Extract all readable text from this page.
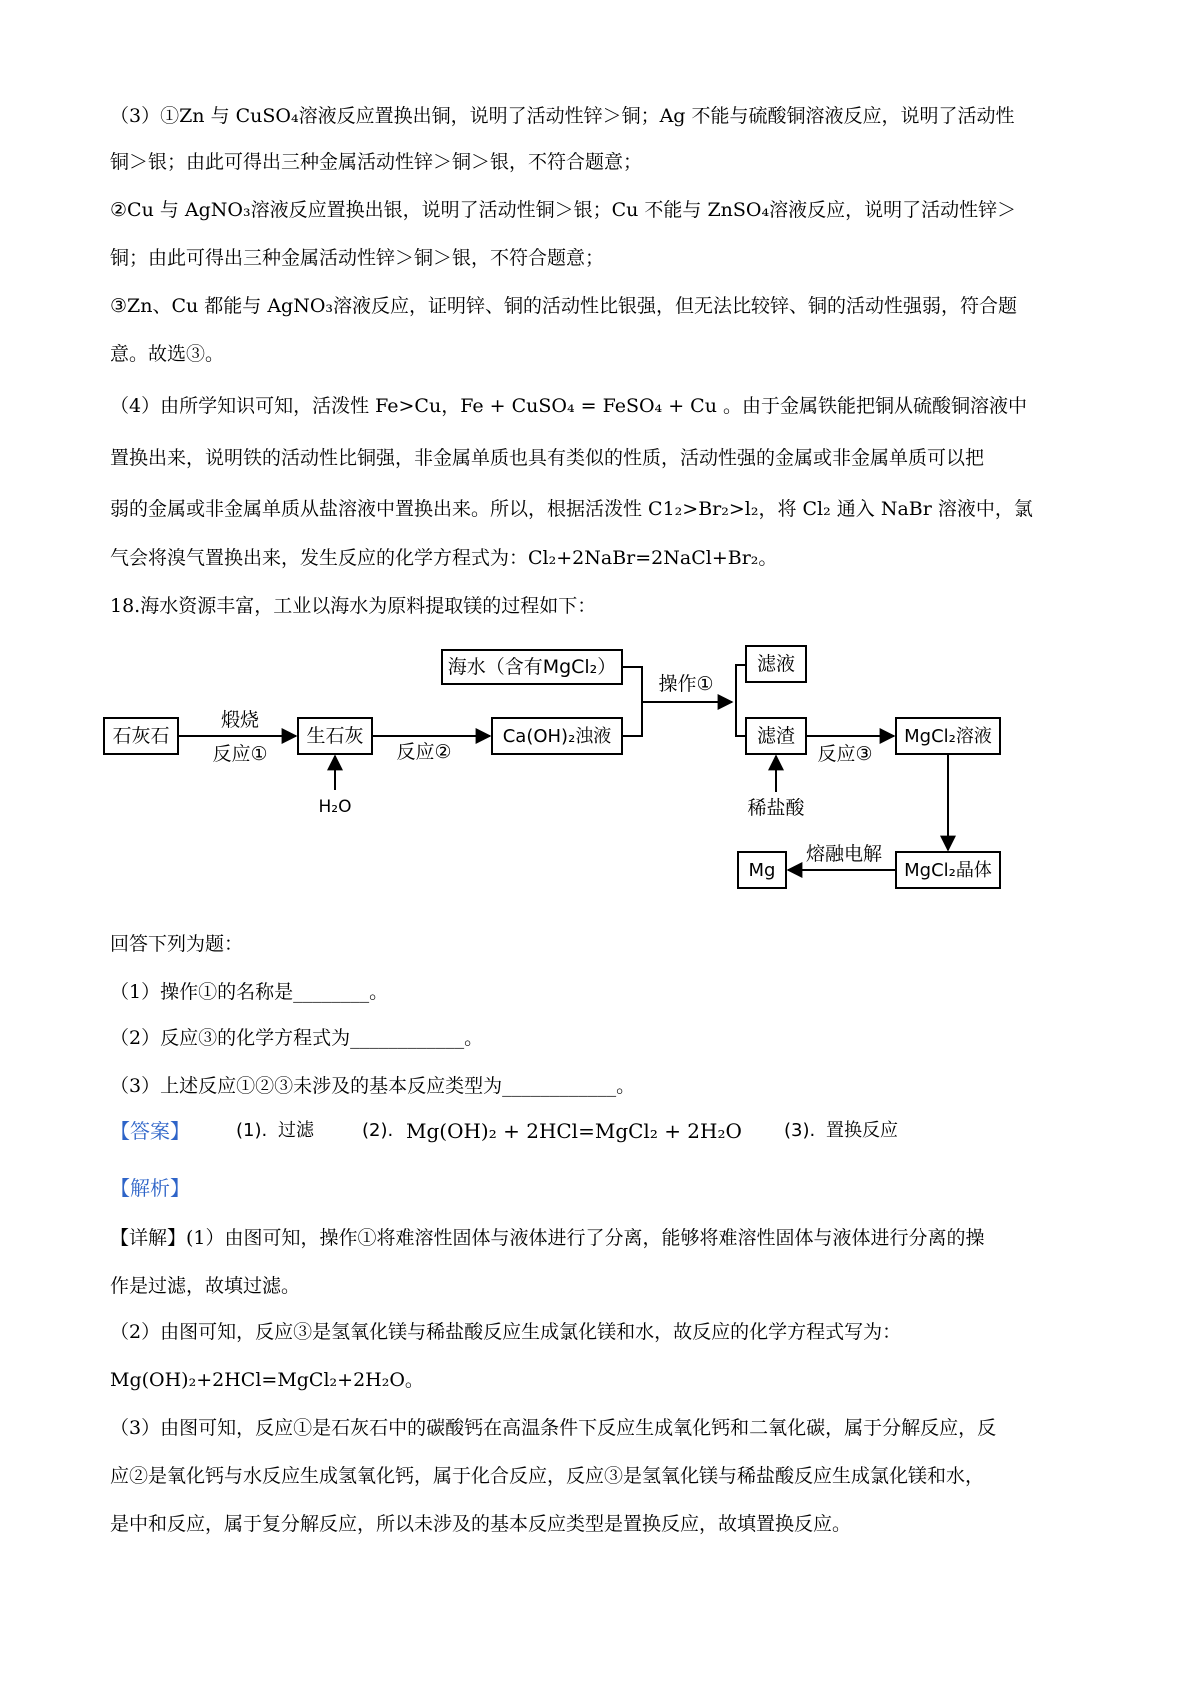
（3）①Zn 与 CuSO₄溶液反应置换出铜，说明了活动性锌＞铜；Ag 不能与硫酸铜溶液反应，说明了活动性
铜＞银；由此可得出三种金属活动性锌＞铜＞银，不符合题意；
②Cu 与 AgNO₃溶液反应置换出银，说明了活动性铜＞银；Cu 不能与 ZnSO₄溶液反应，说明了活动性锌＞
铜；由此可得出三种金属活动性锌＞铜＞银，不符合题意；
③Zn、Cu 都能与 AgNO₃溶液反应，证明锌、铜的活动性比银强，但无法比较锌、铜的活动性强弱，符合题
意。故选③。
（4）由所学知识可知，活泼性 Fe>Cu，Fe + CuSO₄ = FeSO₄ + Cu 。由于金属铁能把铜从硫酸铜溶液中
置换出来，说明铁的活动性比铜强，非金属单质也具有类似的性质，活动性强的金属或非金属单质可以把
弱的金属或非金属单质从盐溶液中置换出来。所以，根据活泼性 C1₂>Br₂>l₂，将 Cl₂ 通入 NaBr 溶液中，氯
气会将溴气置换出来，发生反应的化学方程式为：Cl₂+2NaBr=2NaCl+Br₂。
18.海水资源丰富，工业以海水为原料提取镁的过程如下：
海水（含有MgCl₂）
石灰石
煅烧
反应①
生石灰
H₂O
反应②
Ca(OH)₂浊液
操作①
滤液
滤渣
稀盐酸
反应③
MgCl₂溶液
MgCl₂晶体
熔融电解
Mg
回答下列为题：
（1）操作①的名称是________。
（2）反应③的化学方程式为____________。
（3）上述反应①②③未涉及的基本反应类型为____________。
【答案】	(1). 过滤	(2). Mg(OH)₂ + 2HCl=MgCl₂ + 2H₂O (3). 置换反应
【解析】
【详解】(1）由图可知，操作①将难溶性固体与液体进行了分离，能够将难溶性固体与液体进行分离的操
作是过滤，故填过滤。
（2）由图可知，反应③是氢氧化镁与稀盐酸反应生成氯化镁和水，故反应的化学方程式写为：
Mg(OH)₂+2HCl=MgCl₂+2H₂O。
（3）由图可知，反应①是石灰石中的碳酸钙在高温条件下反应生成氧化钙和二氧化碳，属于分解反应，反
应②是氧化钙与水反应生成氢氧化钙，属于化合反应，反应③是氢氧化镁与稀盐酸反应生成氯化镁和水，
是中和反应，属于复分解反应，所以未涉及的基本反应类型是置换反应，故填置换反应。
